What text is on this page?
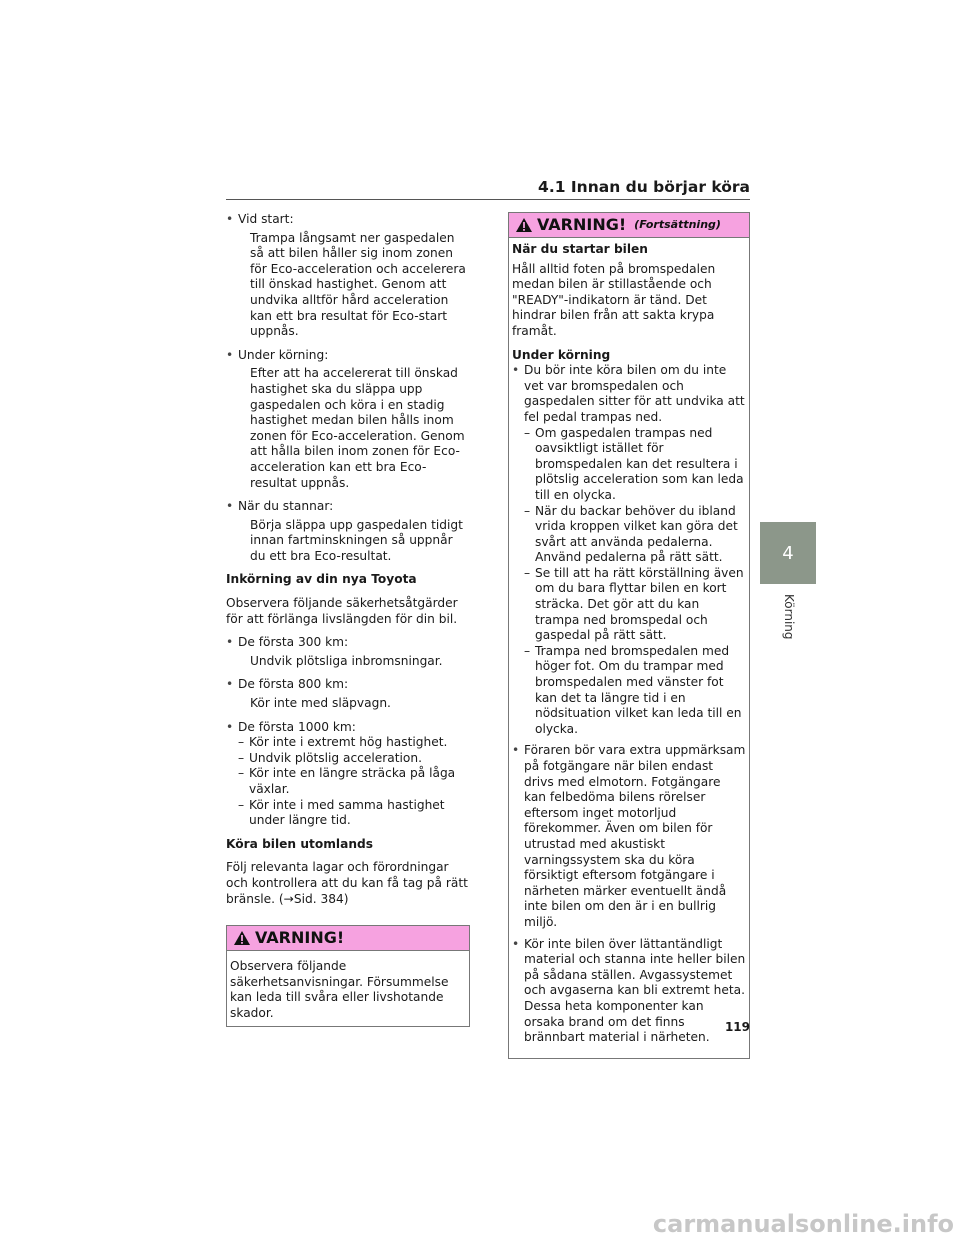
4.1 Innan du börjar köra
• Vid start:
Trampa långsamt ner gaspedalen så att bilen håller sig inom zonen för Eco-acceleration och accelerera till önskad hastighet. Genom att undvika alltför hård acceleration kan ett bra resultat för Eco-start uppnås.
• Under körning:
Efter att ha accelererat till önskad hastighet ska du släppa upp gaspedalen och köra i en stadig hastighet medan bilen hålls inom zonen för Eco-acceleration. Genom att hålla bilen inom zonen för Eco-acceleration kan ett bra Eco-resultat uppnås.
• När du stannar:
Börja släppa upp gaspedalen tidigt innan fartminskningen så uppnår du ett bra Eco-resultat.
Inkörning av din nya Toyota
Observera följande säkerhetsåtgärder för att förlänga livslängden för din bil.
• De första 300 km:
Undvik plötsliga inbromsningar.
• De första 800 km:
Kör inte med släpvagn.
• De första 1000 km:
– Kör inte i extremt hög hastighet.
– Undvik plötslig acceleration.
– Kör inte en längre sträcka på låga växlar.
– Kör inte i med samma hastighet under längre tid.
Köra bilen utomlands
Följ relevanta lagar och förordningar och kontrollera att du kan få tag på rätt bränsle. (→Sid. 384)
VARNING!
Observera följande säkerhetsanvisningar. Försummelse kan leda till svåra eller livshotande skador.
VARNING! (Fortsättning)
När du startar bilen
Håll alltid foten på bromspedalen medan bilen är stillastående och "READY"-indikatorn är tänd. Det hindrar bilen från att sakta krypa framåt.
Under körning
• Du bör inte köra bilen om du inte vet var bromspedalen och gaspedalen sitter för att undvika att fel pedal trampas ned.
– Om gaspedalen trampas ned oavsiktligt istället för bromspedalen kan det resultera i plötslig acceleration som kan leda till en olycka.
– När du backar behöver du ibland vrida kroppen vilket kan göra det svårt att använda pedalerna. Använd pedalerna på rätt sätt.
– Se till att ha rätt körställning även om du bara flyttar bilen en kort sträcka. Det gör att du kan trampa ned bromspedal och gaspedal på rätt sätt.
– Trampa ned bromspedalen med höger fot. Om du trampar med bromspedalen med vänster fot kan det ta längre tid i en nödsituation vilket kan leda till en olycka.
• Föraren bör vara extra uppmärksam på fotgängare när bilen endast drivs med elmotorn. Fotgängare kan felbedöma bilens rörelser eftersom inget motorljud förekommer. Även om bilen för utrustad med akustiskt varningssystem ska du köra försiktigt eftersom fotgängare i närheten märker eventuellt ändå inte bilen om den är i en bullrig miljö.
• Kör inte bilen över lättantändligt material och stanna inte heller bilen på sådana ställen. Avgassystemet och avgaserna kan bli extremt heta. Dessa heta komponenter kan orsaka brand om det finns brännbart material i närheten.
4
Körning
119
carmanualsonline.info
